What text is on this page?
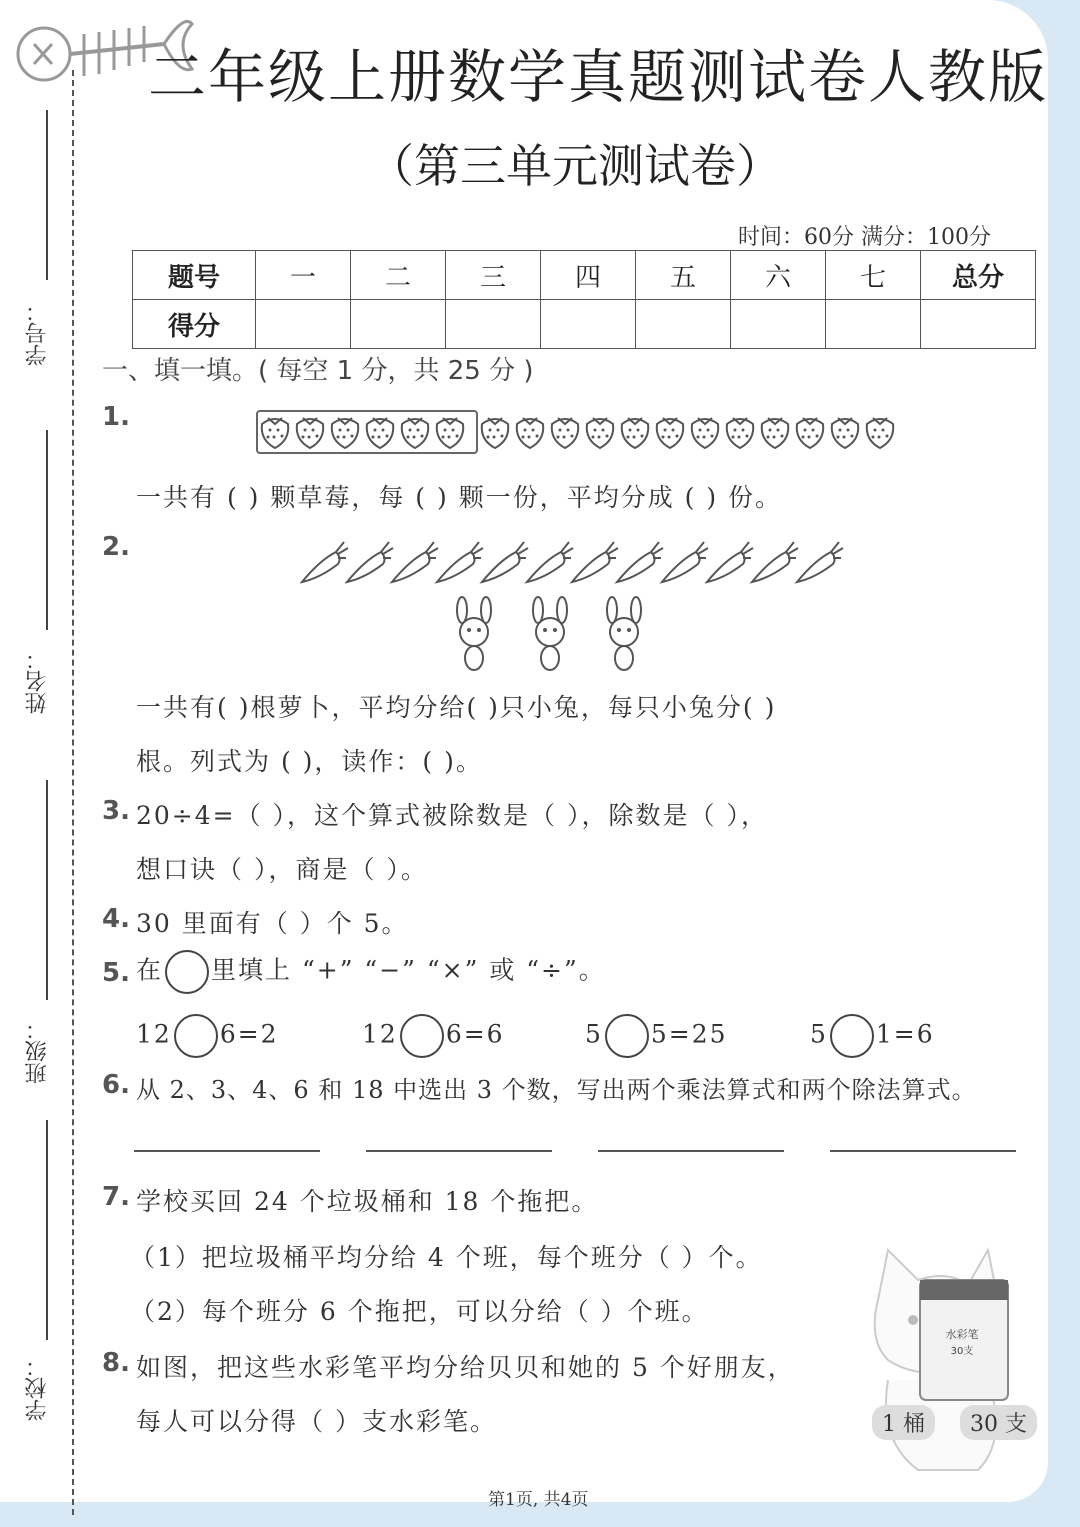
学号：
姓名：
班级：
学校：
二年级上册数学真题测试卷人教版
（第三单元测试卷）
时间：60分 满分：100分
题号	一	二	三	四	五	六	七	总分
得分								
一、填一填。( 每空 1 分，共 25 分 )
1.
一共有 ( ) 颗草莓，每 ( ) 颗一份，平均分成 ( ) 份。
2.
一共有( )根萝卜，平均分给( )只小兔，每只小兔分( )
根。列式为 ( )，读作：( )。
3. 20÷4=（ ），这个算式被除数是（ ），除数是（ ），
想口诀（ ），商是（ ）。
4. 30 里面有（ ）个 5。
5. 在 里填上 “+” “−” “×” 或 “÷”。
12 6=2	12 6=6	5 5=25	5 1=6
6. 从 2、3、4、6 和 18 中选出 3 个数，写出两个乘法算式和两个除法算式。
7. 学校买回 24 个垃圾桶和 18 个拖把。
（1）把垃圾桶平均分给 4 个班，每个班分（ ）个。
（2）每个班分 6 个拖把，可以分给（ ）个班。
8. 如图，把这些水彩笔平均分给贝贝和她的 5 个好朋友，
每人可以分得（ ）支水彩笔。
水彩笔
30支
1 桶	30 支
第1页, 共4页
